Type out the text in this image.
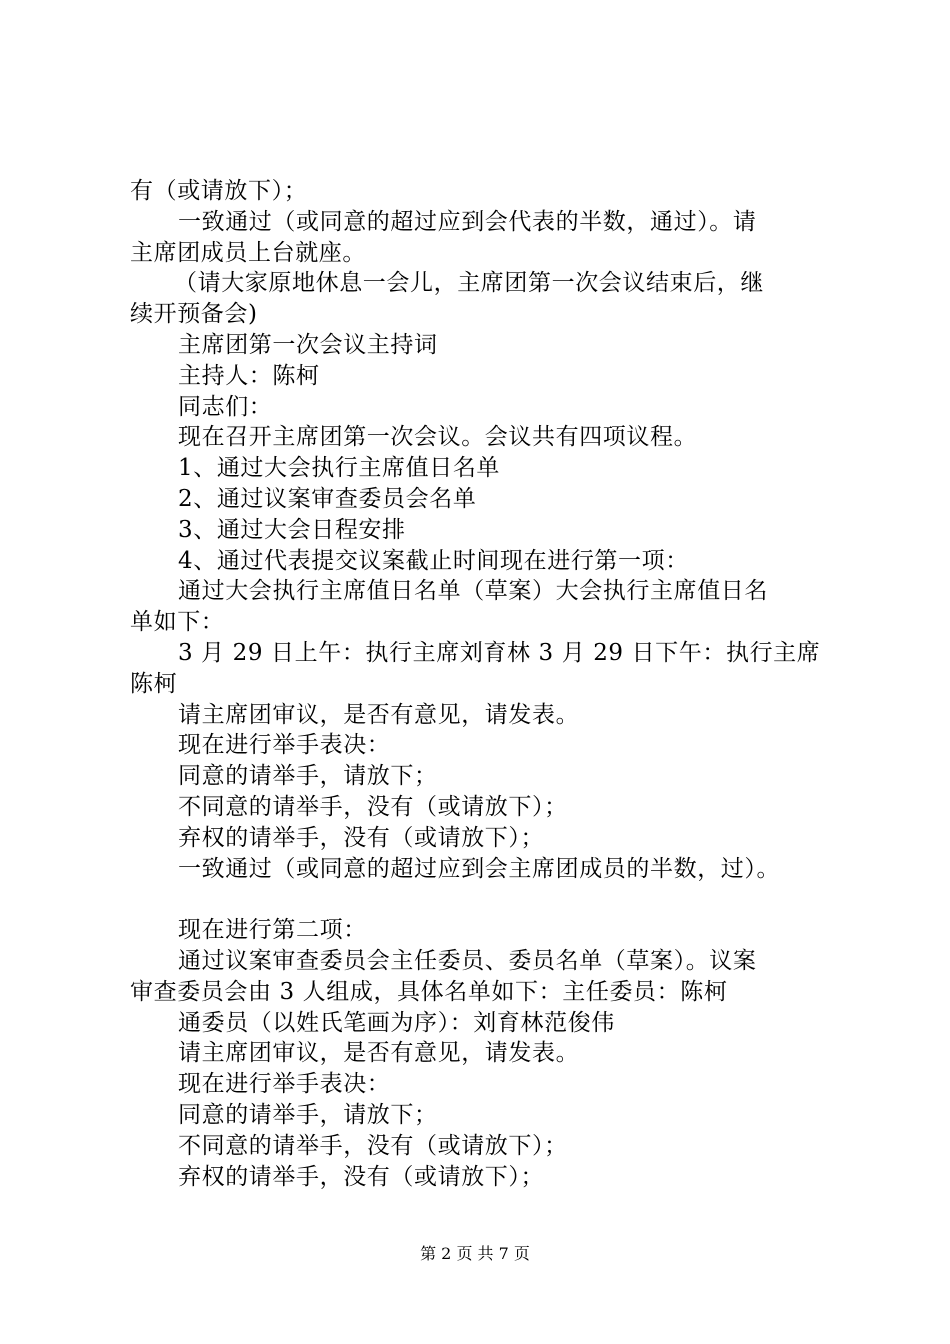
有（或请放下）；
一致通过（或同意的超过应到会代表的半数，通过）。请
主席团成员上台就座。
（请大家原地休息一会儿，主席团第一次会议结束后，继
续开预备会)
主席团第一次会议主持词
主持人：陈柯
同志们：
现在召开主席团第一次会议。会议共有四项议程。
1、通过大会执行主席值日名单
2、通过议案审查委员会名单
3、通过大会日程安排
4、通过代表提交议案截止时间现在进行第一项：
通过大会执行主席值日名单（草案）大会执行主席值日名
单如下：
3 月 29 日上午：执行主席刘育林 3 月 29 日下午：执行主席
陈柯
请主席团审议，是否有意见，请发表。
现在进行举手表决：
同意的请举手，请放下；
不同意的请举手，没有（或请放下）；
弃权的请举手，没有（或请放下）；
一致通过（或同意的超过应到会主席团成员的半数，过）。
现在进行第二项：
通过议案审查委员会主任委员、委员名单（草案）。议案
审查委员会由 3 人组成，具体名单如下：主任委员：陈柯
通委员（以姓氏笔画为序）：刘育林范俊伟
请主席团审议，是否有意见，请发表。
现在进行举手表决：
同意的请举手，请放下；
不同意的请举手，没有（或请放下）；
弃权的请举手，没有（或请放下）；
第 2 页 共 7 页
